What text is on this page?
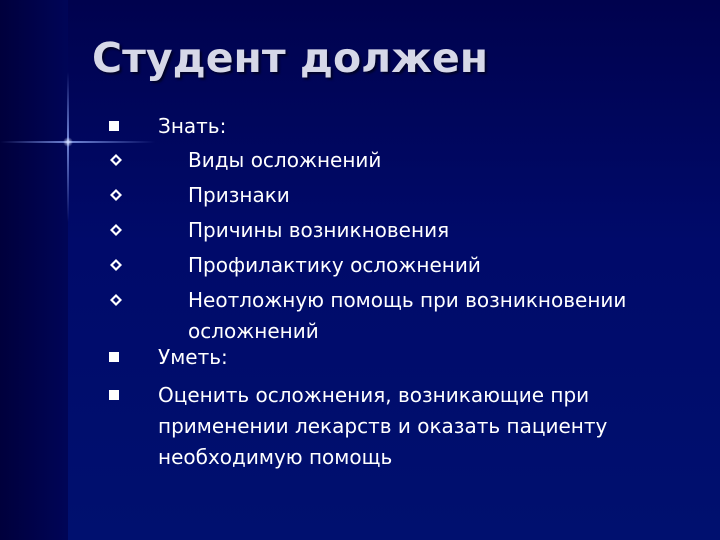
Студент должен
Знать:
Виды осложнений
Признаки
Причины возникновения
Профилактику осложнений
Неотложную помощь при возникновении осложнений
Уметь:
Оценить осложнения, возникающие при применении лекарств и оказать пациенту необходимую помощь
